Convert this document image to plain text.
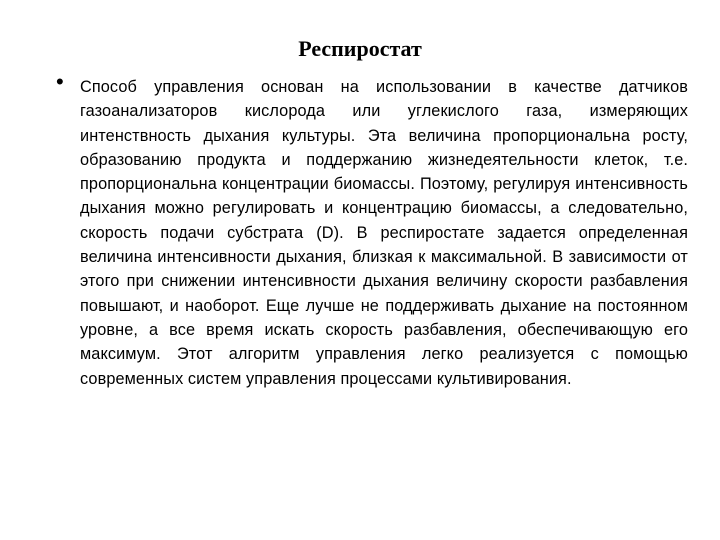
Респиростат
• Способ управления основан на использовании в качестве датчиков газоанализаторов кислорода или углекислого газа, измеряющих интенствность дыхания культуры. Эта величина пропорциональна росту, образованию продукта и поддержанию жизнедеятельности клеток, т.е. пропорциональна концентрации биомассы. Поэтому, регулируя интенсивность дыхания можно регулировать и концентрацию биомассы, а следовательно, скорость подачи субстрата (D). В респиростате задается определенная величина интенсивности дыхания, близкая к максимальной. В зависимости от этого при снижении интенсивности дыхания величину скорости разбавления повышают, и наоборот. Еще лучше не поддерживать дыхание на постоянном уровне, а все время искать скорость разбавления, обеспечивающую его максимум. Этот алгоритм управления легко реализуется с помощью современных систем управления процессами культивирования.
